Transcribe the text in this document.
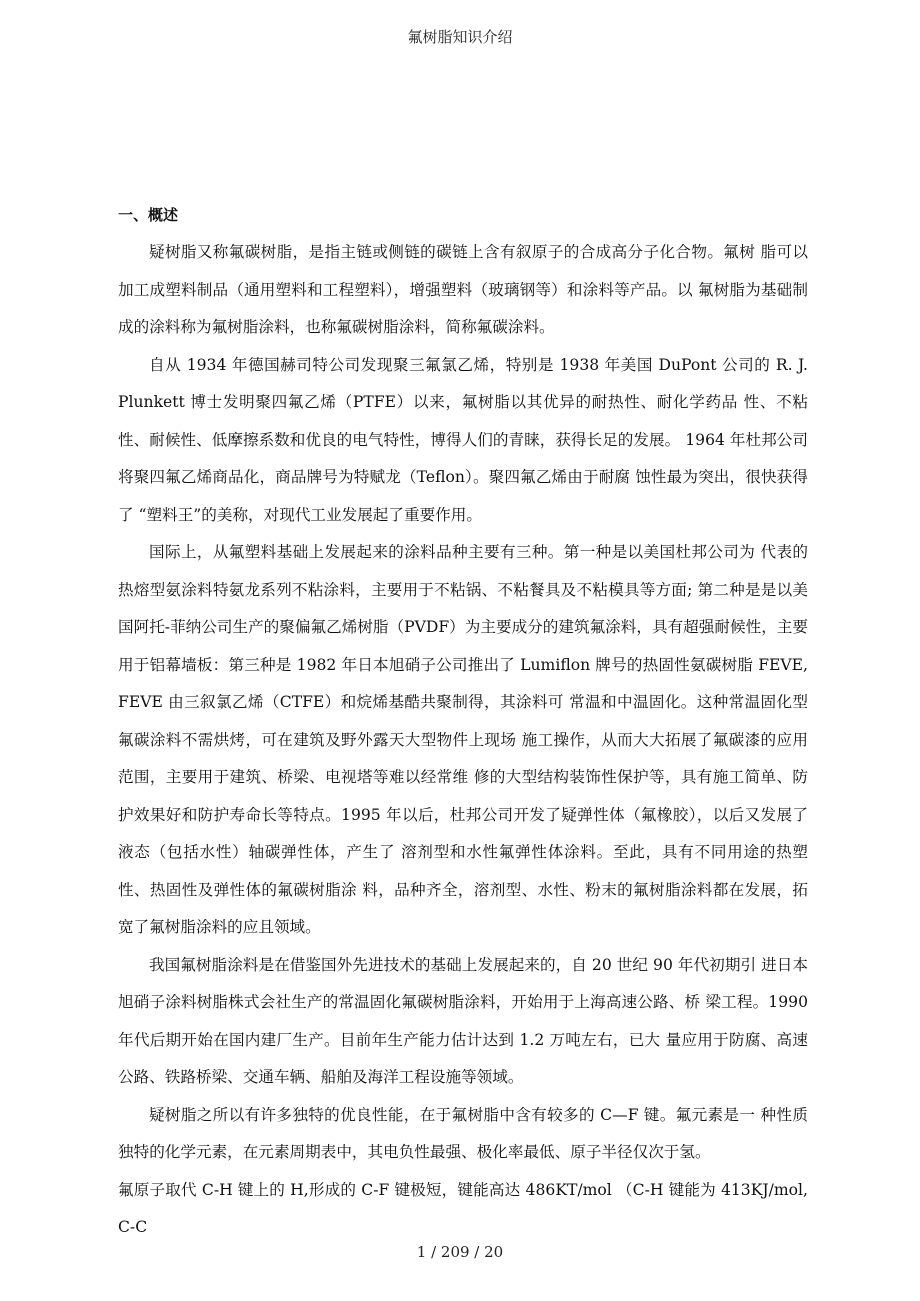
氟树脂知识介绍
一、概述

疑树脂又称氟碳树脂，是指主链或侧链的碳链上含有叙原子的合成高分子化合物。氟树 脂可以加工成塑料制品（通用塑料和工程塑料），增强塑料（玻璃钢等）和涂料等产品。以 氟树脂为基础制成的涂料称为氟树脂涂料，也称氟碳树脂涂料，简称氟碳涂料。

自从 1934 年德国赫司特公司发现聚三氟氯乙烯，特别是 1938 年美国 DuPont 公司的 R. J. Plunkett 博士发明聚四氟乙烯（PTFE）以来，氟树脂以其优异的耐热性、耐化学药品 性、不粘性、耐候性、低摩擦系数和优良的电气特性，博得人们的青睐，获得长足的发展。 1964 年杜邦公司将聚四氟乙烯商品化，商品牌号为特赋龙（Teflon）。聚四氟乙烯由于耐腐 蚀性最为突出，很快获得了 “塑料王”的美称，对现代工业发展起了重要作用。

国际上，从氟塑料基础上发展起来的涂料品种主要有三种。第一种是以美国杜邦公司为 代表的热熔型氨涂料特氨龙系列不粘涂料，主要用于不粘锅、不粘餐具及不粘模具等方面; 第二种是是以美国阿托-菲纳公司生产的聚偏氟乙烯树脂（PVDF）为主要成分的建筑氟涂料，具有超强耐候性，主要用于铝幕墙板：第三种是 1982 年日本旭硝子公司推出了 Lumiflon 牌号的热固性氨碳树脂 FEVE, FEVE 由三叙氯乙烯（CTFE）和烷烯基酷共聚制得，其涂料可 常温和中温固化。这种常温固化型氟碳涂料不需烘烤，可在建筑及野外露天大型物件上现场 施工操作，从而大大拓展了氟碳漆的应用范围，主要用于建筑、桥梁、电视塔等难以经常维 修的大型结构装饰性保护等，具有施工简单、防护效果好和防护寿命长等特点。1995 年以后，杜邦公司开发了疑弹性体（氟橡胶），以后又发展了液态（包括水性）轴碳弹性体，产生了 溶剂型和水性氟弹性体涂料。至此，具有不同用途的热塑性、热固性及弹性体的氟碳树脂涂 料，品种齐全，溶剂型、水性、粉末的氟树脂涂料都在发展，拓宽了氟树脂涂料的应且领域。

我国氟树脂涂料是在借鉴国外先进技术的基础上发展起来的，自 20 世纪 90 年代初期引 进日本旭硝子涂料树脂株式会社生产的常温固化氟碳树脂涂料，开始用于上海高速公路、桥 梁工程。1990 年代后期开始在国内建厂生产。目前年生产能力估计达到 1.2 万吨左右，已大 量应用于防腐、高速公路、铁路桥梁、交通车辆、船舶及海洋工程设施等领域。

疑树脂之所以有许多独特的优良性能，在于氟树脂中含有较多的 C—F 键。氟元素是一 种性质独特的化学元素，在元素周期表中，其电负性最强、极化率最低、原子半径仅次于氢。

氟原子取代 C-H 键上的 H,形成的 C-F 键极短，键能高达 486KT/mol （C-H 键能为 413KJ/mol, C-C

1 / 209 / 20
